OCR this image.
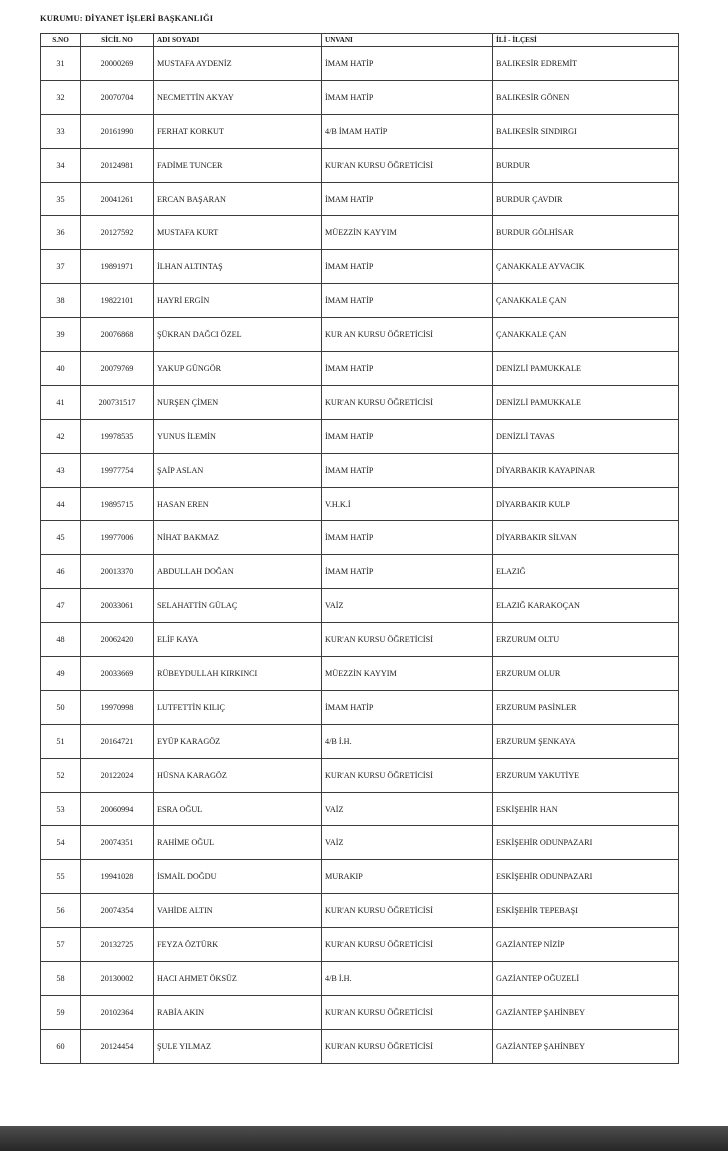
KURUMU: DİYANET İŞLERİ BAŞKANLIĞI
S.NO	SİCİL NO	ADI SOYADI	UNVANI	İLİ - İLÇESİ
31	20000269	MUSTAFA AYDENİZ	İMAM HATİP	BALIKESİR EDREMİT
32	20070704	NECMETTİN AKYAY	İMAM HATİP	BALIKESİR GÖNEN
33	20161990	FERHAT KORKUT	4/B İMAM HATİP	BALIKESİR SINDIRGI
34	20124981	FADİME TUNCER	KUR'AN KURSU ÖĞRETİCİSİ	BURDUR
35	20041261	ERCAN BAŞARAN	İMAM HATİP	BURDUR ÇAVDIR
36	20127592	MUSTAFA KURT	MÜEZZİN KAYYIM	BURDUR GÖLHİSAR
37	19891971	İLHAN ALTINTAŞ	İMAM HATİP	ÇANAKKALE AYVACIK
38	19822101	HAYRİ ERGİN	İMAM HATİP	ÇANAKKALE ÇAN
39	20076868	ŞÜKRAN DAĞCI ÖZEL	KUR AN KURSU ÖĞRETİCİSİ	ÇANAKKALE ÇAN
40	20079769	YAKUP GÜNGÖR	İMAM HATİP	DENİZLİ PAMUKKALE
41	200731517	NURŞEN ÇİMEN	KUR'AN KURSU ÖĞRETİCİSİ	DENİZLİ PAMUKKALE
42	19978535	YUNUS İLEMİN	İMAM HATİP	DENİZLİ TAVAS
43	19977754	ŞAİP ASLAN	İMAM HATİP	DİYARBAKIR KAYAPINAR
44	19895715	HASAN EREN	V.H.K.İ	DİYARBAKIR KULP
45	19977006	NİHAT BAKMAZ	İMAM HATİP	DİYARBAKIR SİLVAN
46	20013370	ABDULLAH DOĞAN	İMAM HATİP	ELAZIĞ
47	20033061	SELAHATTİN GÜLAÇ	VAİZ	ELAZIĞ KARAKOÇAN
48	20062420	ELİF KAYA	KUR'AN KURSU ÖĞRETİCİSİ	ERZURUM OLTU
49	20033669	RÜBEYDULLAH KIRKINCI	MÜEZZİN KAYYIM	ERZURUM OLUR
50	19970998	LUTFETTİN KILIÇ	İMAM HATİP	ERZURUM PASİNLER
51	20164721	EYÜP KARAGÖZ	4/B İ.H.	ERZURUM ŞENKAYA
52	20122024	HÜSNA KARAGÖZ	KUR'AN KURSU ÖĞRETİCİSİ	ERZURUM YAKUTİYE
53	20060994	ESRA OĞUL	VAİZ	ESKİŞEHİR HAN
54	20074351	RAHİME OĞUL	VAİZ	ESKİŞEHİR ODUNPAZARI
55	19941028	İSMAİL DOĞDU	MURAKIP	ESKİŞEHİR ODUNPAZARI
56	20074354	VAHİDE ALTIN	KUR'AN KURSU ÖĞRETİCİSİ	ESKİŞEHİR TEPEBAŞI
57	20132725	FEYZA ÖZTÜRK	KUR'AN KURSU ÖĞRETİCİSİ	GAZİANTEP NİZİP
58	20130002	HACI AHMET ÖKSÜZ	4/B İ.H.	GAZİANTEP OĞUZELİ
59	20102364	RABİA AKIN	KUR'AN KURSU ÖĞRETİCİSİ	GAZİANTEP ŞAHİNBEY
60	20124454	ŞULE YILMAZ	KUR'AN KURSU ÖĞRETİCİSİ	GAZİANTEP ŞAHİNBEY
